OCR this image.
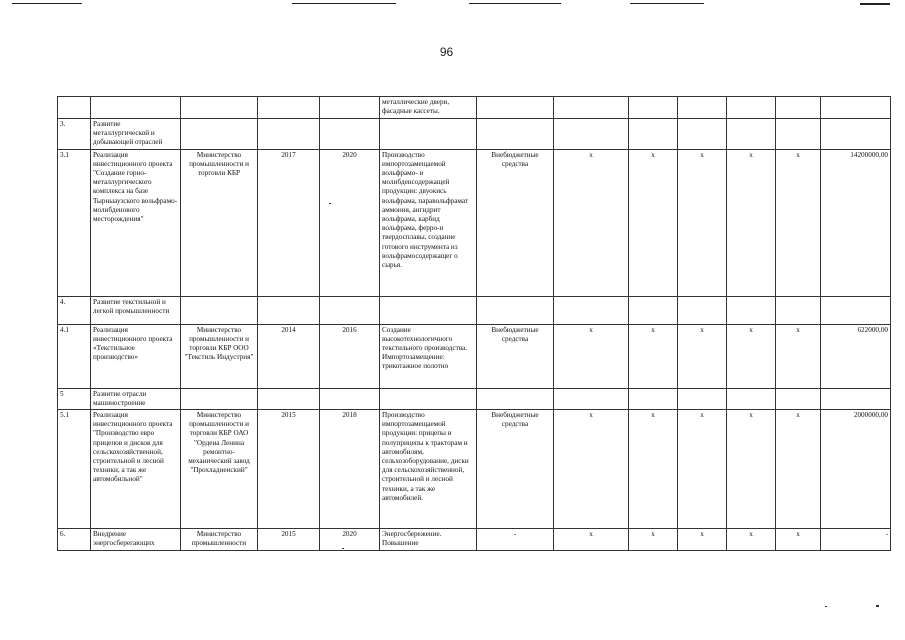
96
					металлические двери, фасадные кассеты.							
3.	Развитие металлургической и добывающей отраслей											
3.1	Реализация инвестиционного проекта "Создание горно-металлургического комплекса на базе Тырныаузского вольфрамо-молибденового месторождения"	Министерство промышленности и торговли КБР	2017	2020	Производство импортозамещаемой вольфрамо- и молибденсодержащей продукции: двуокись вольфрама, паравольфрамат аммония, ангидрит вольфрама, карбид вольфрама, ферро-и твердосплавы, создание готового инструмента из вольфрамосодержащег о сырья.	Внебюджетные средства	х	х	х	х	х	14200000,00
4.	Развитие текстильной и легкой промышленности											
4.1	Реализация инвестиционного проекта «Текстильное производство»	Министерство промышленности и торговли КБР ООО "Текстиль Индустрия"	2014	2016	Создание высокотехнологичного текстильного производства. Импортозамещение: трикотажное полотно	Внебюджетные средства	х	х	х	х	х	622000,00
5	Развитие отрасли машиностроение											
5.1	Реализация инвестиционного проекта "Производство евро прицепов и дисков для сельскохозяйственной, строительной и лесной техники, а так же автомобильной"	Министерство промышленности и торговли КБР ОАО "Ордена Ленина ремонтно-механический завод "Прохладненский"	2015	2018	Производство импортозамещаемой продукции: прицепы и полуприцепы к тракторам и автомобилям, сельхозоборудование, диски для сельскохозяйственной, строительной и лесной техники, а так же автомобилей.	Внебюджетные средства	х	х	х	х	х	2000000,00
6.	Внедрение энергосберегающих	Министерство промышленности	2015	2020	Энергосбережение. Повышение	-	х	х	х	х	х	-
